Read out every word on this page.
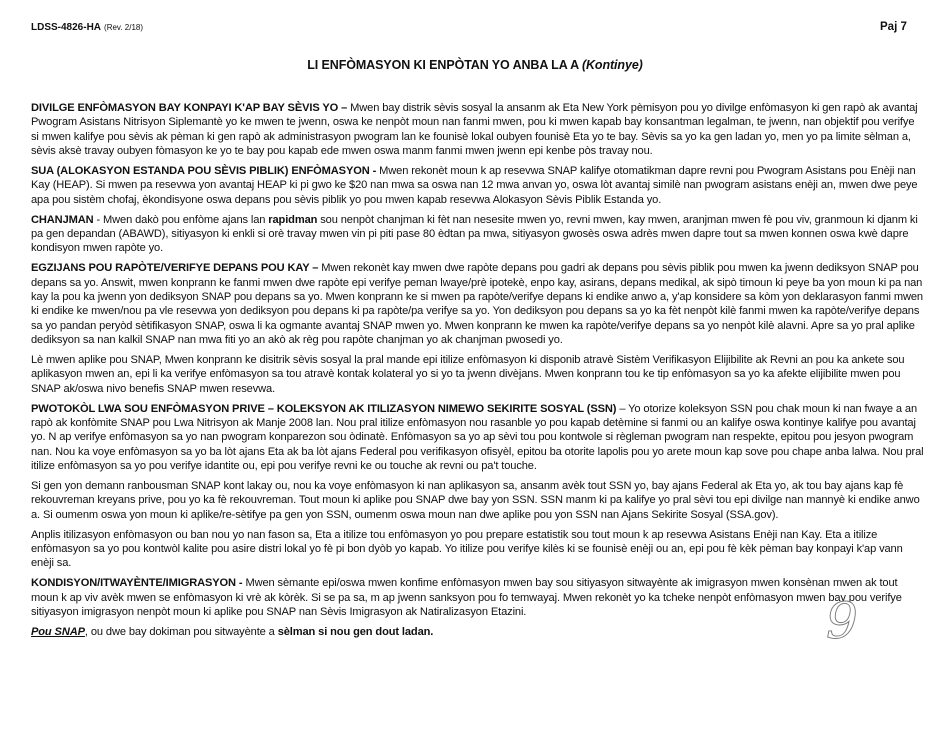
LDSS-4826-HA (Rev. 2/18)	Paj 7
LI ENFÒMASYON KI ENPÒTAN YO ANBA LA A (Kontinye)

DIVILGE ENFÒMASYON BAY KONPAYI K'AP BAY SÈVIS YO – Mwen bay distrik sèvis sosyal la ansanm ak Eta New York pèmisyon pou yo divilge enfòmasyon ki gen rapò ak avantaj Pwogram Asistans Nitrisyon Siplemantè yo ke mwen te jwenn, oswa ke nenpòt moun nan fanmi mwen, pou ki mwen kapab bay konsantman legalman, te jwenn, nan objektif pou verifye si mwen kalifye pou sèvis ak pèman ki gen rapò ak administrasyon pwogram lan ke founisè lokal oubyen founisè Eta yo te bay. Sèvis sa yo ka gen ladan yo, men yo pa limite sèlman a, sèvis aksè travay oubyen fòmasyon ke yo te bay pou kapab ede mwen oswa manm fanmi mwen jwenn epi kenbe pòs travay nou.

SUA (ALOKASYON ESTANDA POU SÈVIS PIBLIK) ENFÒMASYON - Mwen rekonèt moun k ap resevwa SNAP kalifye otomatikman dapre revni pou Pwogram Asistans pou Enèji nan Kay (HEAP). Si mwen pa resevwa yon avantaj HEAP ki pi gwo ke $20 nan mwa sa oswa nan 12 mwa anvan yo, oswa lòt avantaj similè nan pwogram asistans enèji an, mwen dwe peye apa pou sistèm chofaj, èkondisyone oswa depans pou sèvis piblik yo pou mwen kapab resevwa Alokasyon Sèvis Piblik Estanda yo.

CHANJMAN - Mwen dakò pou enfòme ajans lan rapidman sou nenpòt chanjman ki fèt nan nesesite mwen yo, revni mwen, kay mwen, aranjman mwen fè pou viv, granmoun ki djanm ki pa gen depandan (ABAWD), sitiyasyon ki enkli si orè travay mwen vin pi piti pase 80 èdtan pa mwa, sitiyasyon gwosès oswa adrès mwen dapre tout sa mwen konnen oswa kwè dapre kondisyon mwen rapòte yo.

EGZIJANS POU RAPÒTE/VERIFYE DEPANS POU KAY – Mwen rekonèt kay mwen dwe rapòte depans pou gadri ak depans pou sèvis piblik pou mwen ka jwenn dediksyon SNAP pou depans sa yo. Answit, mwen konprann ke fanmi mwen dwe rapòte epi verifye peman lwaye/prè ipotekè, enpo kay, asirans, depans medikal, ak sipò timoun ki peye ba yon moun ki pa nan kay la pou ka jwenn yon dediksyon SNAP pou depans sa yo. Mwen konprann ke si mwen pa rapòte/verifye depans ki endike anwo a, y'ap konsidere sa kòm yon deklarasyon fanmi mwen ki endike ke mwen/nou pa vle resevwa yon dediksyon pou depans ki pa rapòte/pa verifye sa yo. Yon dediksyon pou depans sa yo ka fèt nenpòt kilè fanmi mwen ka rapòte/verifye depans sa yo pandan peryòd sètifikasyon SNAP, oswa li ka ogmante avantaj SNAP mwen yo. Mwen konprann ke mwen ka rapòte/verifye depans sa yo nenpòt kilè alavni. Apre sa yo pral aplike dediksyon sa nan kalkil SNAP nan mwa fiti yo an akò ak règ pou rapòte chanjman yo ak chanjman pwosedi yo.

Lè mwen aplike pou SNAP, Mwen konprann ke disitrik sèvis sosyal la pral mande epi itilize enfòmasyon ki disponib atravè Sistèm Verifikasyon Elijibilite ak Revni an pou ka ankete sou aplikasyon mwen an, epi li ka verifye enfòmasyon sa tou atravè kontak kolateral yo si yo ta jwenn divèjans. Mwen konprann tou ke tip enfòmasyon sa yo ka afekte elijibilite mwen pou SNAP ak/oswa nivo benefis SNAP mwen resevwa.

PWOTOKÒL LWA SOU ENFÒMASYON PRIVE – KOLEKSYON AK ITILIZASYON NIMEWO SEKIRITE SOSYAL (SSN) – Yo otorize koleksyon SSN pou chak moun ki nan fwaye a an rapò ak konfòmite SNAP pou Lwa Nitrisyon ak Manje 2008 lan. Nou pral itilize enfòmasyon nou rasanble yo pou kapab detèmine si fanmi ou an kalifye oswa kontinye kalifye pou avantaj yo. N ap verifye enfòmasyon sa yo nan pwogram konparezon sou òdinatè. Enfòmasyon sa yo ap sèvi tou pou kontwole si règleman pwogram nan respekte, epitou pou jesyon pwogram nan. Nou ka voye enfòmasyon sa yo ba lòt ajans Eta ak ba lòt ajans Federal pou verifikasyon ofisyèl, epitou ba otorite lapolis pou yo arete moun kap sove pou chape anba lalwa. Nou pral itilize enfòmasyon sa yo pou verifye idantite ou, epi pou verifye revni ke ou touche ak revni ou pa't touche.

Si gen yon demann ranbousman SNAP kont lakay ou, nou ka voye enfòmasyon ki nan aplikasyon sa, ansanm avèk tout SSN yo, bay ajans Federal ak Eta yo, ak tou bay ajans kap fè rekouvreman kreyans prive, pou yo ka fè rekouvreman. Tout moun ki aplike pou SNAP dwe bay yon SSN. SSN manm ki pa kalifye yo pral sèvi tou epi divilge nan mannyè ki endike anwo a. Si oumenm oswa yon moun ki aplike/re-sètifye pa gen yon SSN, oumenm oswa moun nan dwe aplike pou yon SSN nan Ajans Sekirite Sosyal (SSA.gov).

Anplis itilizasyon enfòmasyon ou ban nou yo nan fason sa, Eta a itilize tou enfòmasyon yo pou prepare estatistik sou tout moun k ap resevwa Asistans Enèji nan Kay. Eta a itilize enfòmasyon sa yo pou kontwòl kalite pou asire distri lokal yo fè pi bon dyòb yo kapab. Yo itilize pou verifye kilès ki se founisè enèji ou an, epi pou fè kèk pèman bay konpayi k'ap vann enèji sa.

KONDISYON/ITWAYÈNTE/IMIGRASYON - Mwen sèmante epi/oswa mwen konfime enfòmasyon mwen bay sou sitiyasyon sitwayènte ak imigrasyon mwen konsènan mwen ak tout moun k ap viv avèk mwen se enfòmasyon ki vrè ak kòrèk. Si se pa sa, m ap jwenn sanksyon pou fo temwayaj. Mwen rekonèt yo ka tcheke nenpòt enfòmasyon mwen bay pou verifye sitiyasyon imigrasyon nenpòt moun ki aplike pou SNAP nan Sèvis Imigrasyon ak Natiralizasyon Etazini.

Pou SNAP, ou dwe bay dokiman pou sitwayènte a sèlman si nou gen dout ladan.	9
